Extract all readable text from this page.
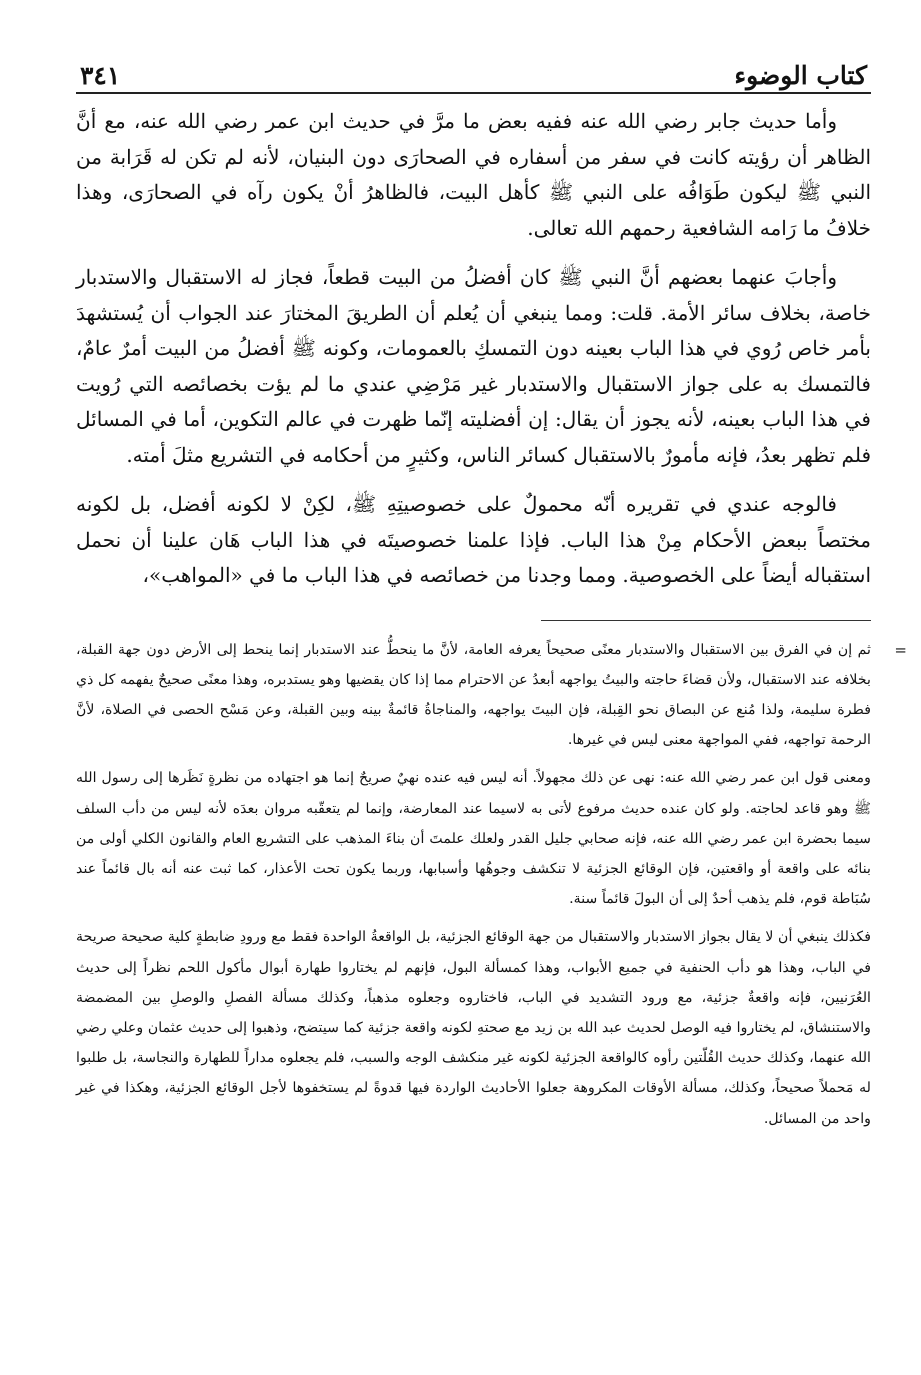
كتاب الوضوء
٣٤١

وأما حديث جابر رضي الله عنه ففيه بعض ما مرَّ في حديث ابن عمر رضي الله عنه، مع أنَّ الظاهر أن رؤيته كانت في سفر من أسفاره في الصحارَى دون البنيان، لأنه لم تكن له قَرَابة من النبي ﷺ ليكون طَوَافُه على النبي ﷺ كأهل البيت، فالظاهرُ أنْ يكون رآه في الصحارَى، وهذا خلافُ ما رَامه الشافعية رحمهم الله تعالى.

وأجابَ عنهما بعضهم أنَّ النبي ﷺ كان أفضلُ من البيت قطعاً، فجاز له الاستقبال والاستدبار خاصة، بخلاف سائر الأمة. قلت: ومما ينبغي أن يُعلم أن الطريقَ المختارَ عند الجواب أن يُستشهدَ بأمر خاص رُوي في هذا الباب بعينه دون التمسكِ بالعمومات، وكونه ﷺ أفضلُ من البيت أمرٌ عامٌ، فالتمسك به على جواز الاستقبال والاستدبار غير مَرْضِي عندي ما لم يؤت بخصائصه التي رُويت في هذا الباب بعينه، لأنه يجوز أن يقال: إن أفضليته إنّما ظهرت في عالم التكوين، أما في المسائل فلم تظهر بعدُ، فإنه مأمورٌ بالاستقبال كسائر الناس، وكثيرٍ من أحكامه في التشريع مثلَ أمته.

فالوجه عندي في تقريره أنّه محمولٌ على خصوصيتِهِ ﷺ، لكِنْ لا لكونه أفضل، بل لكونه مختصاً ببعض الأحكام مِنْ هذا الباب. فإذا علمنا خصوصيتَه في هذا الباب هَان علينا أن نحمل استقباله أيضاً على الخصوصية. ومما وجدنا من خصائصه في هذا الباب ما في «المواهب»،

=

ثم إن في الفرق بين الاستقبال والاستدبار معنًى صحيحاً يعرفه العامة، لأنَّ ما ينحطُّ عند الاستدبار إنما ينحط إلى الأرض دون جهة القبلة، بخلافه عند الاستقبال، ولأن قضاءَ حاجته والبيتُ يواجهه أبعدُ عن الاحترام مما إذا كان يقضيها وهو يستدبره، وهذا معنًى صحيحٌ يفهمه كل ذي فطرة سليمة، ولذا مُنع عن البصاق نحو القِبلة، فإن البيتَ يواجهه، والمناجاةُ قائمةٌ بينه وبين القبلة، وعن مَسْح الحصى في الصلاة، لأنَّ الرحمة تواجهه، ففي المواجهة معنى ليس في غيرها.

ومعنى قول ابن عمر رضي الله عنه: نهى عن ذلك مجهولاً. أنه ليس فيه عنده نهيٌ صريحٌ إنما هو اجتهاده من نظرةٍ نَظَرها إلى رسول الله ﷺ وهو قاعد لحاجته. ولو كان عنده حديث مرفوع لأتى به لاسيما عند المعارضة، وإنما لم يتعقّبه مروان بعدَه لأنه ليس من دأب السلف سيما بحضرة ابن عمر رضي الله عنه، فإنه صحابي جليل القدر ولعلك علمتَ أن بناءَ المذهب على التشريع العام والقانون الكلي أولى من بنائه على واقعة أو واقعتين، فإن الوقائع الجزئية لا تنكشف وجوهُها وأسبابها، وربما يكون تحت الأعذار، كما ثبت عنه أنه بال قائماً عند سُبَاطة قوم، فلم يذهب أحدٌ إلى أن البولَ قائماً سنة.

فكذلك ينبغي أن لا يقال بجواز الاستدبار والاستقبال من جهة الوقائع الجزئية، بل الواقعةُ الواحدة فقط مع ورودِ ضابطةٍ كلية صحيحة صريحة في الباب، وهذا هو دأب الحنفية في جميع الأبواب، وهذا كمسألة البول، فإنهم لم يختاروا طهارة أبوال مأكول اللحم نظراً إلى حديث العُرَنيين، فإنه واقعةٌ جزئية، مع ورود التشديد في الباب، فاختاروه وجعلوه مذهباً، وكذلك مسألة الفصلِ والوصلِ بين المضمضة والاستنشاق، لم يختاروا فيه الوصل لحديث عبد الله بن زيد مع صحتهِ لكونه واقعة جزئية كما سيتضح، وذهبوا إلى حديث عثمان وعلي رضي الله عنهما، وكذلك حديث القُلّتين رأوه كالواقعة الجزئية لكونه غير منكشف الوجه والسبب، فلم يجعلوه مداراً للطهارة والنجاسة، بل طلبوا له مَحملاً صحيحاً، وكذلك، مسألة الأوقات المكروهة جعلوا الأحاديث الواردة فيها قدوةً لم يستخفوها لأجل الوقائع الجزئية، وهكذا في غير واحد من المسائل.
